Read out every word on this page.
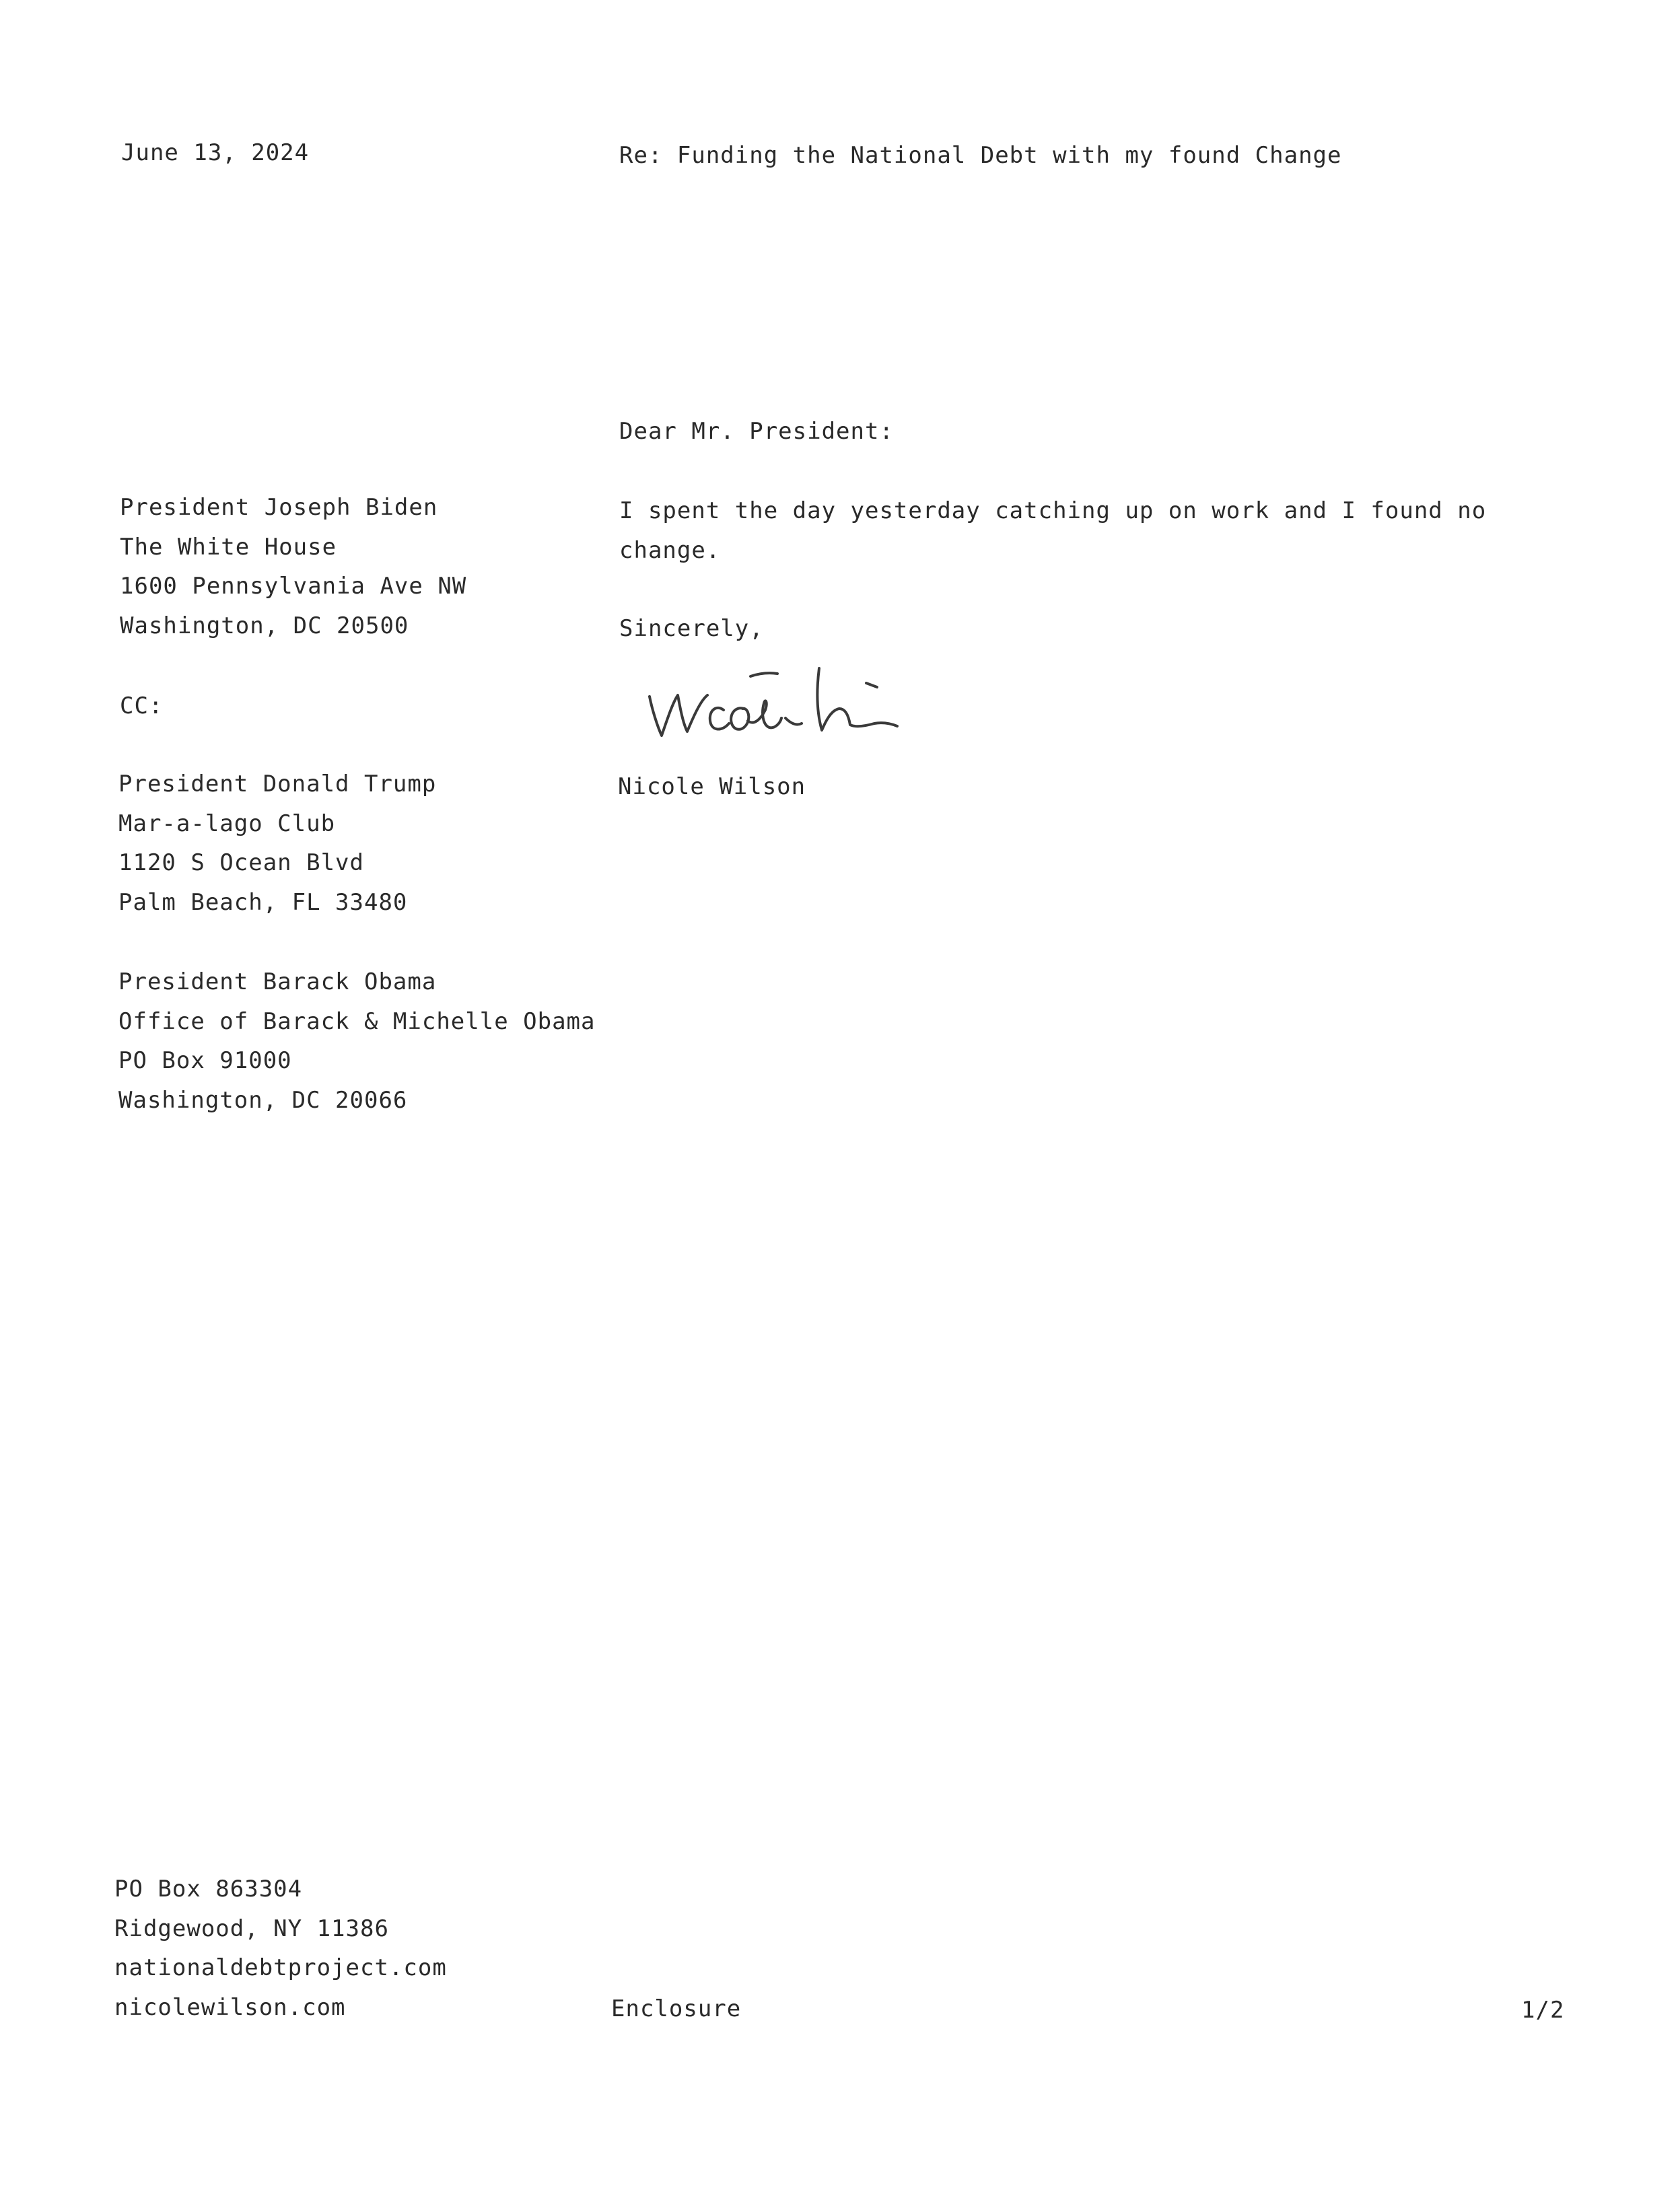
June 13, 2024	Re: Funding the National Debt with my found Change
Dear Mr. President:
President Joseph Biden
The White House
1600 Pennsylvania Ave NW
Washington, DC 20500
CC:
President Donald Trump
Mar-a-lago Club
1120 S Ocean Blvd
Palm Beach, FL 33480
President Barack Obama
Office of Barack & Michelle Obama
PO Box 91000
Washington, DC 20066
I spent the day yesterday catching up on work and I found no change.
Sincerely,
Nicole Wilson
PO Box 863304
Ridgewood, NY 11386
nationaldebtproject.com
nicolewilson.com	Enclosure	1/2
